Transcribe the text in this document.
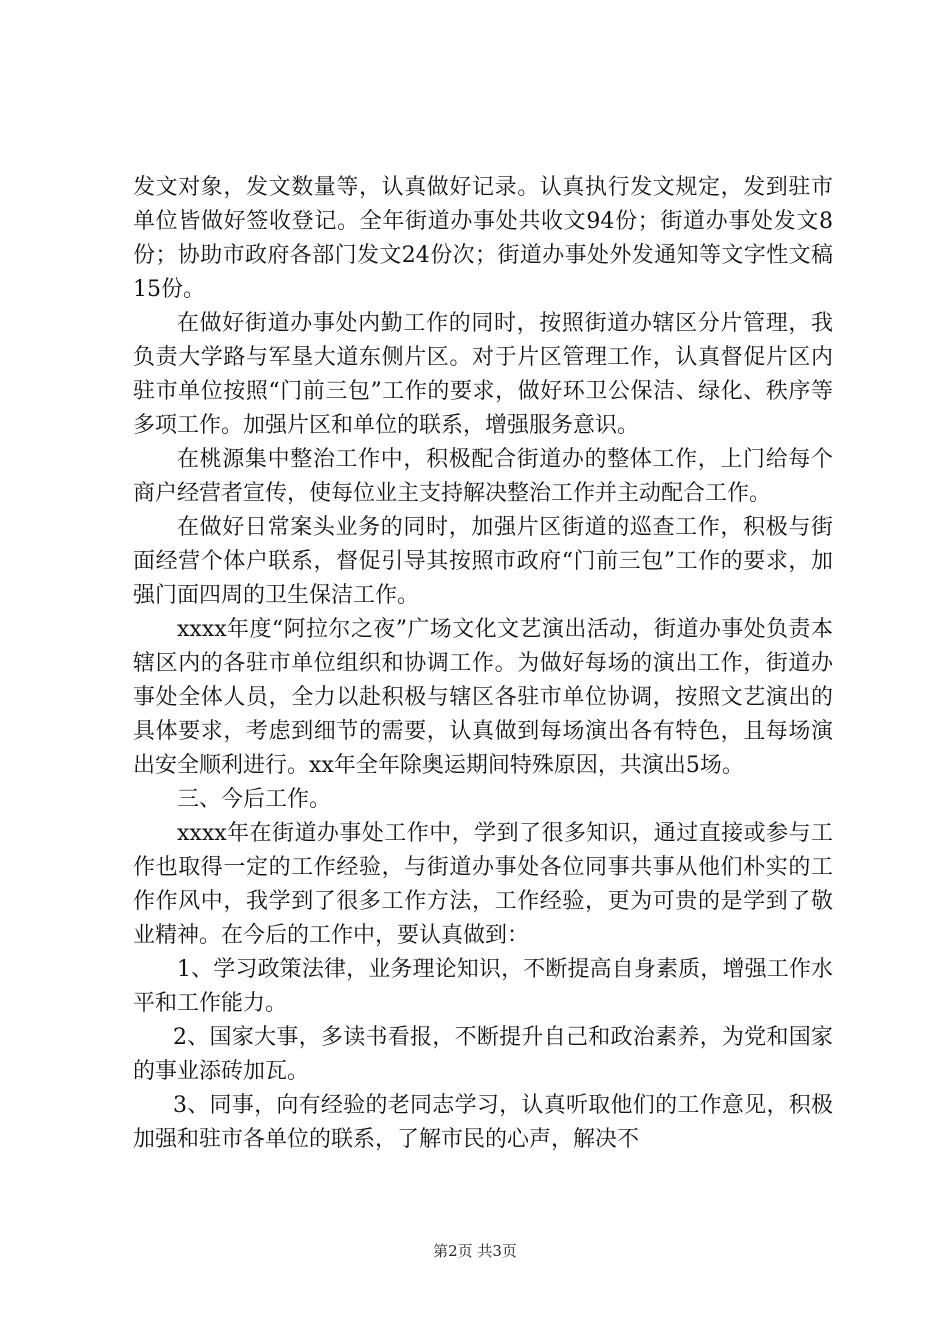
发文对象，发文数量等，认真做好记录。认真执行发文规定，发到驻市单位皆做好签收登记。全年街道办事处共收文94份；街道办事处发文8份；协助市政府各部门发文24份次；街道办事处外发通知等文字性文稿15份。

在做好街道办事处内勤工作的同时，按照街道办辖区分片管理，我负责大学路与军垦大道东侧片区。对于片区管理工作，认真督促片区内驻市单位按照“门前三包”工作的要求，做好环卫公保洁、绿化、秩序等多项工作。加强片区和单位的联系，增强服务意识。

在桃源集中整治工作中，积极配合街道办的整体工作，上门给每个商户经营者宣传，使每位业主支持解决整治工作并主动配合工作。

在做好日常案头业务的同时，加强片区街道的巡查工作，积极与街面经营个体户联系，督促引导其按照市政府“门前三包”工作的要求，加强门面四周的卫生保洁工作。

xxxx年度“阿拉尔之夜”广场文化文艺演出活动，街道办事处负责本辖区内的各驻市单位组织和协调工作。为做好每场的演出工作，街道办事处全体人员，全力以赴积极与辖区各驻市单位协调，按照文艺演出的具体要求，考虑到细节的需要，认真做到每场演出各有特色，且每场演出安全顺利进行。xx年全年除奥运期间特殊原因，共演出5场。

三、今后工作。

xxxx年在街道办事处工作中，学到了很多知识，通过直接或参与工作也取得一定的工作经验，与街道办事处各位同事共事从他们朴实的工作作风中，我学到了很多工作方法，工作经验，更为可贵的是学到了敬业精神。在今后的工作中，要认真做到：

1、学习政策法律，业务理论知识，不断提高自身素质，增强工作水平和工作能力。

2、国家大事，多读书看报，不断提升自己和政治素养，为党和国家的事业添砖加瓦。

3、同事，向有经验的老同志学习，认真听取他们的工作意见，积极加强和驻市各单位的联系，了解市民的心声，解决不

第2页 共3页
